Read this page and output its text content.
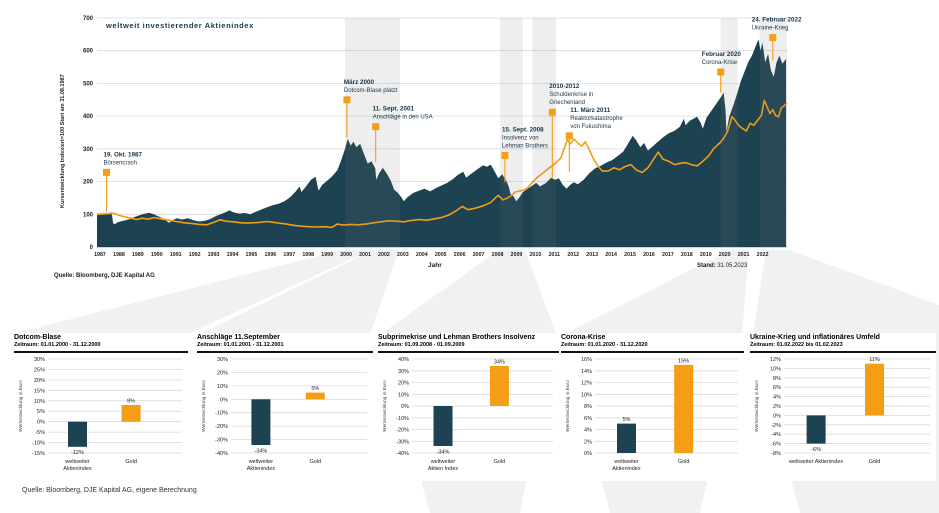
0
100
200
300
400
500
600
700
1987 1988 1989 1990 1991 1992 1993 1994 1995 1996 1997 1998 1999 2000 2001 2002 2003 2004 2005 2006 2007 2008 2009 2010 2011 2012 2013 2014 2015 2016 2017 2018 2019 2020 2021 2022
19. Okt. 1987
Börsencrash
März 2000
Dotcom-Blase platzt
11. Sept. 2001
Anschläge in den USA
15. Sept. 2008
Insolvenz von
Lehman Brothers
2010-2012
Schuldenkrise in
Griechenland
11. März 2011
Reaktorkatastrophe
von Fukushima
Februar 2020
Corona-Krise
24. Februar 2022
Ukraine-Krieg
weltweit investierender Aktienindex
Kursentwicklung Indexiert=100 Start am 31.08.1987
Jahr
Quelle: Bloomberg, DJE Kapital AG
Stand: 31.05.2023
Dotcom-Blase
Zeitraum: 01.01.2000 - 31.12.2000
-15%
-10%
-5%
0%
5%
10%
15%
20%
25%
30%
Wertentwicklung in Euro
-12%
weltweiter
Aktienindex
8%
Gold
Anschläge 11.September
Zeitraum: 01.01.2001 - 31.12.2001
-40%
-30%
-20%
-10%
0%
10%
20%
30%
Wertentwicklung in Euro
-34%
weltweiter
Aktienindex
5%
Gold
Subprimekrise und Lehman Brothers Insolvenz
Zeitraum: 01.09.2008 - 01.09.2009
-40%
-30%
-20%
-10%
0%
10%
20%
30%
40%
Wertentwicklung in Euro
-34%
weltweiter
Aktien Index
34%
Gold
Corona-Krise
Zeitraum: 01.01.2020 - 31.12.2020
0%
2%
4%
6%
8%
10%
12%
14%
16%
Wertentwicklung in Euro	5%
weltweiter
Aktienindex
15%
Gold
Ukraine-Krieg und inflationäres Umfeld
Zeitraum: 01.02.2022 bis 01.02.2023
-8%
-6%
-4%
-2%
0%
2%
4%
6%
8%
10%
12%
Wertentwicklung in Euro
-6%
weltweiter Aktienindex
11%
Gold
Quelle: Bloomberg, DJE Kapital AG, eigene Berechnung
